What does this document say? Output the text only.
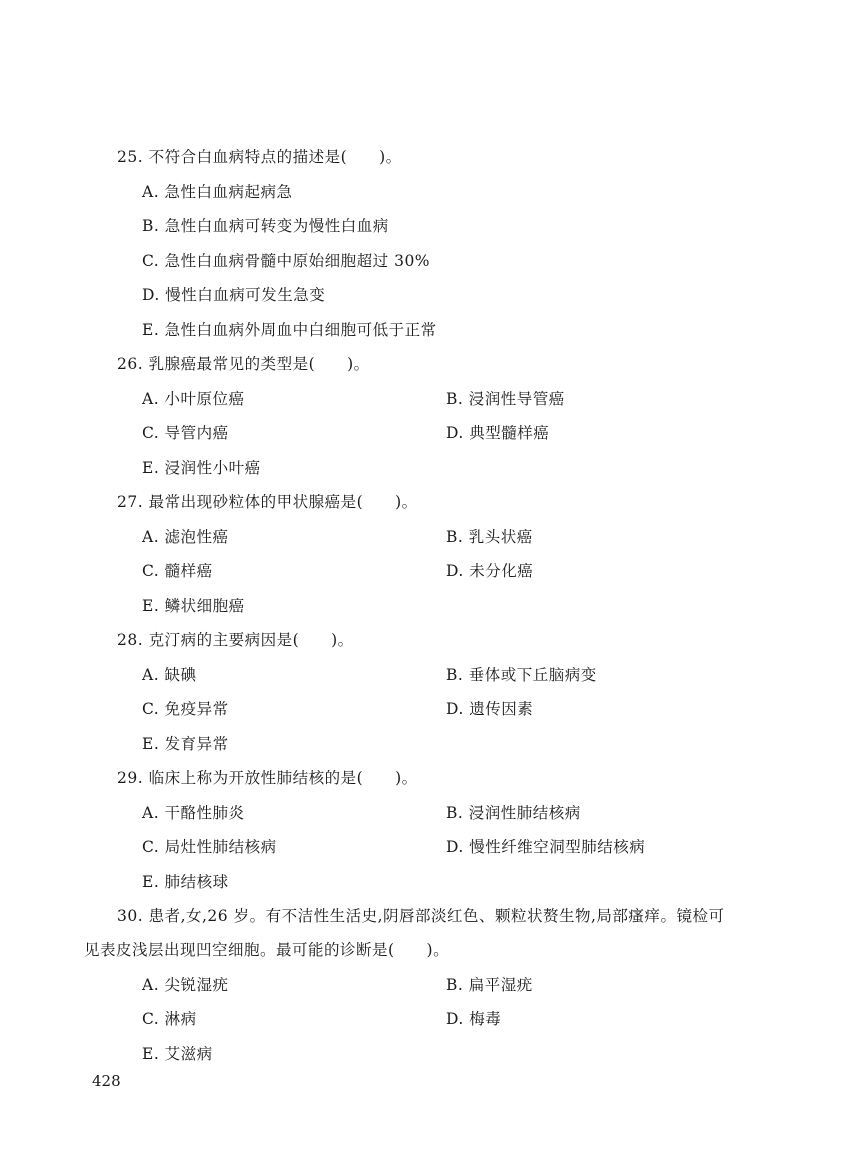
25. 不符合白血病特点的描述是(　　)。
A. 急性白血病起病急
B. 急性白血病可转变为慢性白血病
C. 急性白血病骨髓中原始细胞超过 30%
D. 慢性白血病可发生急变
E. 急性白血病外周血中白细胞可低于正常
26. 乳腺癌最常见的类型是(　　)。
A. 小叶原位癌	B. 浸润性导管癌
C. 导管内癌	D. 典型髓样癌
E. 浸润性小叶癌
27. 最常出现砂粒体的甲状腺癌是(　　)。
A. 滤泡性癌	B. 乳头状癌
C. 髓样癌	D. 未分化癌
E. 鳞状细胞癌
28. 克汀病的主要病因是(　　)。
A. 缺碘	B. 垂体或下丘脑病变
C. 免疫异常	D. 遗传因素
E. 发育异常
29. 临床上称为开放性肺结核的是(　　)。
A. 干酪性肺炎	B. 浸润性肺结核病
C. 局灶性肺结核病	D. 慢性纤维空洞型肺结核病
E. 肺结核球
30. 患者,女,26 岁。有不洁性生活史,阴唇部淡红色、颗粒状赘生物,局部瘙痒。镜检可
见表皮浅层出现凹空细胞。最可能的诊断是(　　)。
A. 尖锐湿疣	B. 扁平湿疣
C. 淋病	D. 梅毒
E. 艾滋病
428
